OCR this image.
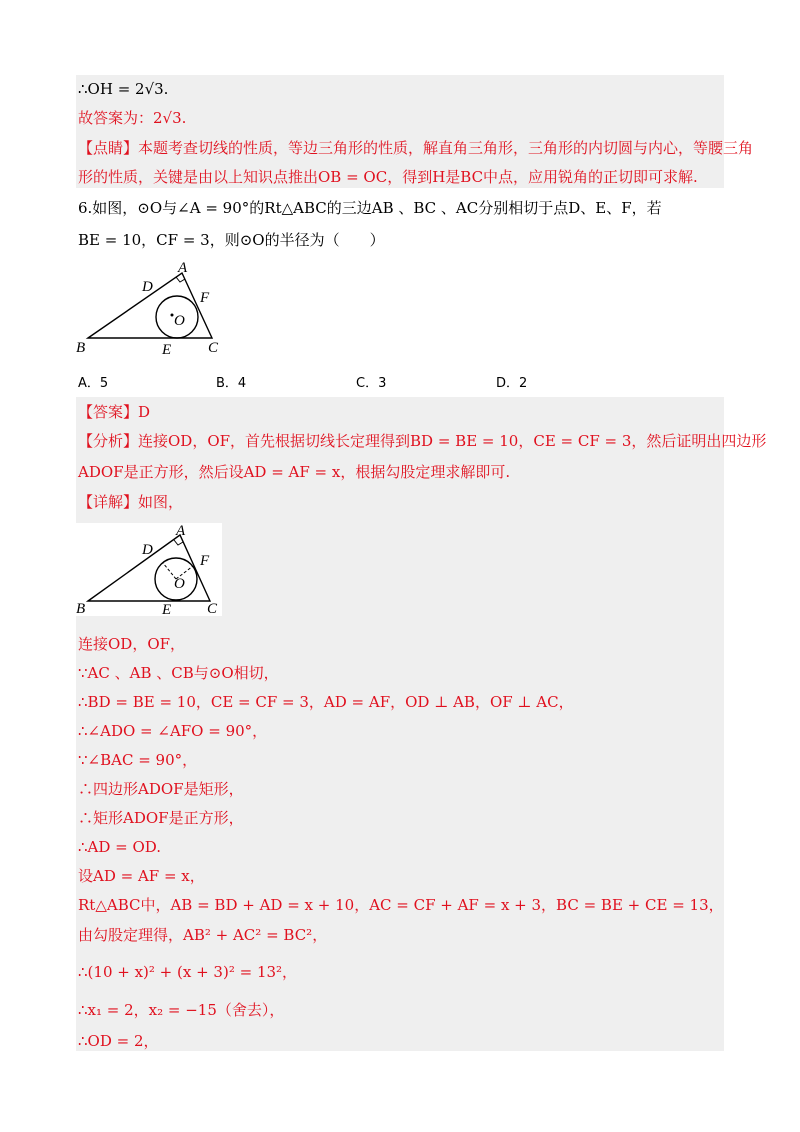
∴OH = 2√3.
故答案为：2√3.
【点睛】本题考查切线的性质，等边三角形的性质，解直角三角形，三角形的内切圆与内心，等腰三角
形的性质，关键是由以上知识点推出OB = OC，得到H是BC中点，应用锐角的正切即可求解.
6.如图，⊙O与∠A = 90°的Rt△ABC的三边AB 、BC 、AC分别相切于点D、E、F，若
BE = 10，CF = 3，则⊙O的半径为（　　）
A
D
F
O
B	E C
A．5	B．4	C．3	D．2
【答案】D
【分析】连接OD，OF，首先根据切线长定理得到BD = BE = 10，CE = CF = 3，然后证明出四边形
ADOF是正方形，然后设AD = AF = x，根据勾股定理求解即可.
【详解】如图，
A
D
F
O
B	E C
连接OD，OF，
∵AC 、AB 、CB与⊙O相切，
∴BD = BE = 10，CE = CF = 3，AD = AF，OD ⊥ AB，OF ⊥ AC，
∴∠ADO = ∠AFO = 90°，
∵∠BAC = 90°，
∴四边形ADOF是矩形，
∴矩形ADOF是正方形，
∴AD = OD.
设AD = AF = x，
Rt△ABC中，AB = BD + AD = x + 10，AC = CF + AF = x + 3，BC = BE + CE = 13，
由勾股定理得，AB² + AC² = BC²，
∴(10 + x)² + (x + 3)² = 13²，
∴x₁ = 2，x₂ = −15（舍去），
∴OD = 2，
